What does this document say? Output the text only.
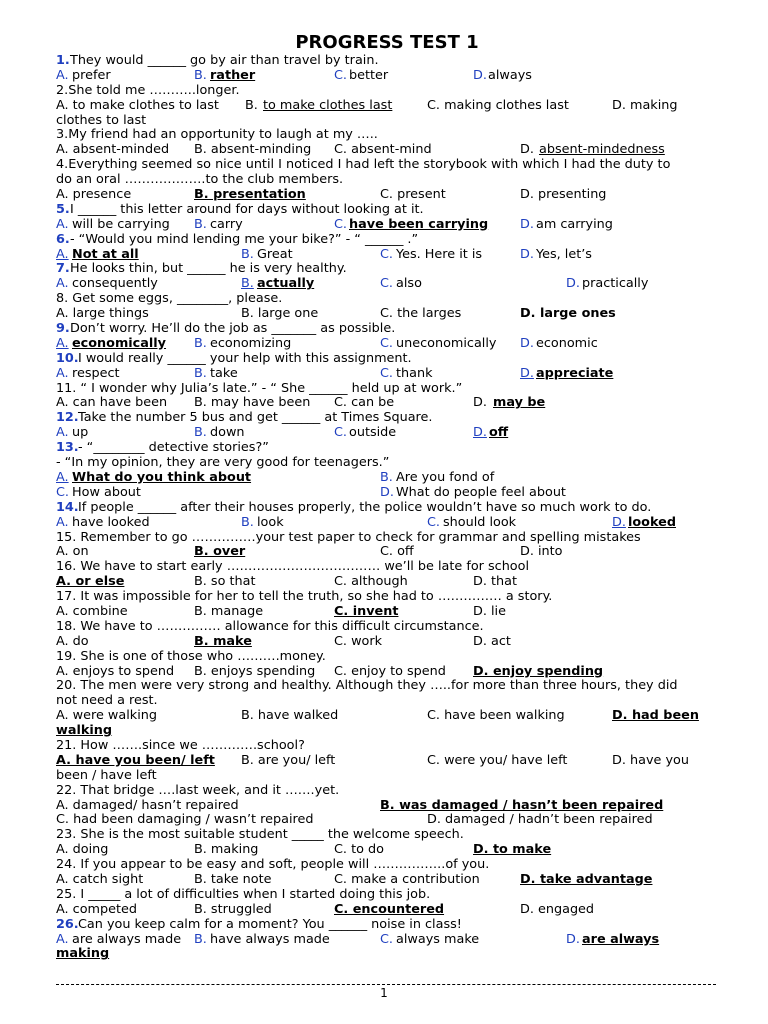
PROGRESS TEST 1
1. They would ______ go by air than travel by train.
A. prefer	B. rather	C. better	D. always
2.She told me ………..longer.
A. to make clothes to last B. to make clothes last	C. making clothes last	D. making
clothes to last
3.My friend had an opportunity to laugh at my …..
A. absent-minded B. absent-minding C. absent-mind	D. absent-mindedness
4.Everything seemed so nice until I noticed I had left the storybook with which I had the duty to
do an oral ……………….to the club members.
A. presence	B. presentation	C. present	D. presenting
5. I ______ this letter around for days without looking at it.
A. will be carrying B. carry	C. have been carrying D. am carrying
6. - “Would you mind lending me your bike?” - “ ______ .”
A. Not at all	B. Great	C. Yes. Here it is	D. Yes, let’s
7. He looks thin, but ______ he is very healthy.
A. consequently	B. actually	C. also	D. practically
8. Get some eggs, ________, please.
A. large things	B. large one	C. the larges	D. large ones
9. Don’t worry. He’ll do the job as _______ as possible.
A. economically B. economizing	C. uneconomically D. economic
10. I would really ______ your help with this assignment.
A. respect	B. take	C. thank	D. appreciate
11. “ I wonder why Julia’s late.” - “ She ______ held up at work.”
A. can have been B. may have been C. can be	D. may be
12. Take the number 5 bus and get ______ at Times Square.
A. up	B. down	C. outside	D. off
13. - “________ detective stories?”
- “In my opinion, they are very good for teenagers.”
A. What do you think about	B. Are you fond of
C. How about	D. What do people feel about
14. If people ______ after their houses properly, the police wouldn’t have so much work to do.
A. have looked	B. look	C. should look	D. looked
15. Remember to go ……………your test paper to check for grammar and spelling mistakes
A. on	B. over	C. off	D. into
16. We have to start early ……………………………… we’ll be late for school
A. or else	B. so that	C. although	D. that
17. It was impossible for her to tell the truth, so she had to …………… a story.
A. combine	B. manage	C. invent	D. lie
18. We have to …………… allowance for this difficult circumstance.
A. do	B. make	C. work	D. act
19. She is one of those who ……….money.
A. enjoys to spend B. enjoys spending C. enjoy to spend D. enjoy spending
20. The men were very strong and healthy. Although they …..for more than three hours, they did
not need a rest.
A. were walking	B. have walked	C. have been walking	D. had been
walking
21. How …….since we ………….school?
A. have you been/ left B. are you/ left	C. were you/ have left	D. have you
been / have left
22. That bridge ….last week, and it …….yet.
A. damaged/ hasn’t repaired	B. was damaged / hasn’t been repaired
C. had been damaging / wasn’t repaired	D. damaged / hadn’t been repaired
23. She is the most suitable student _____ the welcome speech.
A. doing	B. making	C. to do	D. to make
24. If you appear to be easy and soft, people will ……………..of you.
A. catch sight	B. take note	C. make a contribution	D. take advantage
25. I _____ a lot of difficulties when I started doing this job.
A. competed	B. struggled	C. encountered	D. engaged
26. Can you keep calm for a moment? You ______ noise in class!
A. are always made B. have always made	C. always make	D. are always
making
1
